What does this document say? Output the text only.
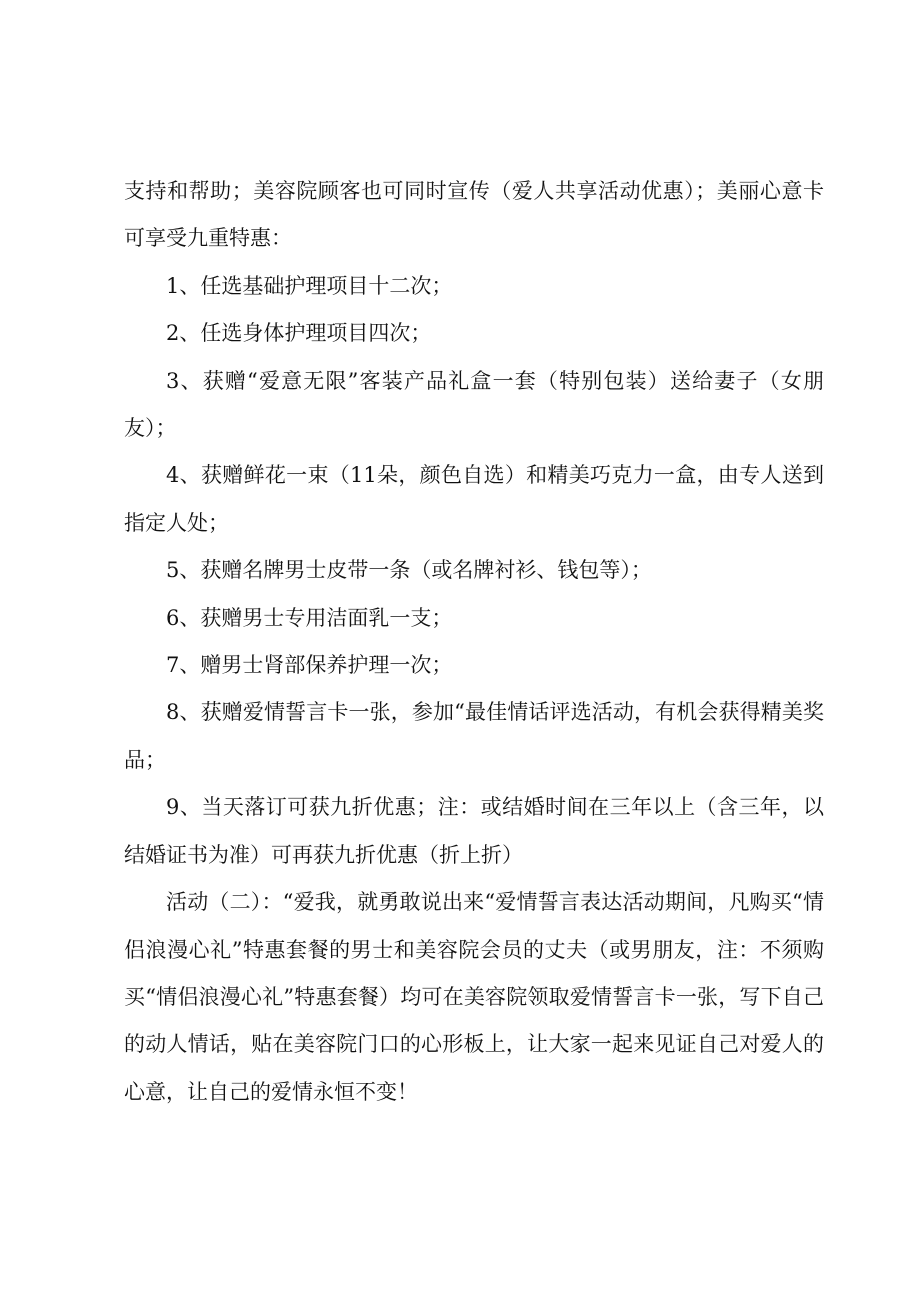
支持和帮助；美容院顾客也可同时宣传（爱人共享活动优惠）；美丽心意卡可享受九重特惠：

1、任选基础护理项目十二次；

2、任选身体护理项目四次；

3、获赠“爱意无限”客装产品礼盒一套（特别包装）送给妻子（女朋友）；

4、获赠鲜花一束（11朵，颜色自选）和精美巧克力一盒，由专人送到指定人处；

5、获赠名牌男士皮带一条（或名牌衬衫、钱包等）；

6、获赠男士专用洁面乳一支；

7、赠男士肾部保养护理一次；

8、获赠爱情誓言卡一张，参加“最佳情话评选活动，有机会获得精美奖品；

9、当天落订可获九折优惠；注：或结婚时间在三年以上（含三年，以结婚证书为准）可再获九折优惠（折上折）

活动（二）：“爱我，就勇敢说出来“爱情誓言表达活动期间，凡购买“情侣浪漫心礼”特惠套餐的男士和美容院会员的丈夫（或男朋友，注：不须购买“情侣浪漫心礼”特惠套餐）均可在美容院领取爱情誓言卡一张，写下自己的动人情话，贴在美容院门口的心形板上，让大家一起来见证自己对爱人的心意，让自己的爱情永恒不变！
